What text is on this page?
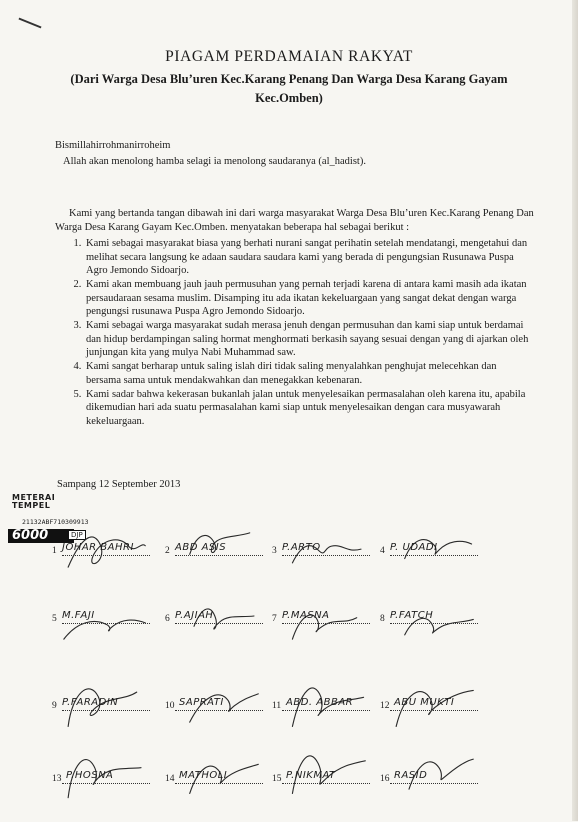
PIAGAM PERDAMAIAN RAKYAT

(Dari Warga Desa Blu’uren Kec.Karang Penang Dan Warga Desa Karang Gayam Kec.Omben)

Bismillahirrohmanirroheim
Allah akan menolong hamba selagi ia menolong saudaranya (al_hadist).

Kami yang bertanda tangan dibawah ini dari warga masyarakat Warga Desa Blu’uren Kec.Karang Penang Dan Warga Desa Karang Gayam Kec.Omben. menyatakan beberapa hal sebagai berikut :

1. Kami sebagai masyarakat biasa yang berhati nurani sangat perihatin setelah mendatangi, mengetahui dan melihat secara langsung ke adaan saudara saudara kami yang berada di pengungsian Rusunawa Puspa Agro Jemondo Sidoarjo.
2. Kami akan membuang jauh jauh permusuhan yang pernah terjadi karena di antara kami masih ada ikatan persaudaraan sesama muslim. Disamping itu ada ikatan kekeluargaan yang sangat dekat dengan warga pengungsi rusunawa Puspa Agro Jemondo Sidoarjo.
3. Kami sebagai warga masyarakat sudah merasa jenuh dengan permusuhan dan kami siap untuk berdamai dan hidup berdampingan saling hormat menghormati berkasih sayang sesuai dengan yang di ajarkan oleh junjungan kita yang mulya Nabi Muhammad saw.
4. Kami sangat berharap untuk saling islah diri tidak saling menyalahkan penghujat melecehkan dan bersama sama untuk mendakwahkan dan menegakkan kebenaran.
5. Kami sadar bahwa kekerasan bukanlah jalan untuk menyelesaikan permasalahan oleh karena itu, apabila dikemudian hari ada suatu permasalahan kami siap untuk menyelesaikan dengan cara musyawarah kekeluargaan.
Sampang 12 September 2013
METERAI
TEMPEL
21132ABF710309913
6000	DJP
1 JOHAR BAHRI	2 ABD ASIS	3 P.ARTO	4 P. UDADI
5 M.FAJI	6 P.AJIAH	7 P.MASNA	8 P.FATCH
9 P.FARADIN	10 SAPRATI	11 ABD. ABBAR	12 ABU MUKTI
13 P.HOSNA	14 MATHOLI	15 P.NIKMAT	16 RASID
